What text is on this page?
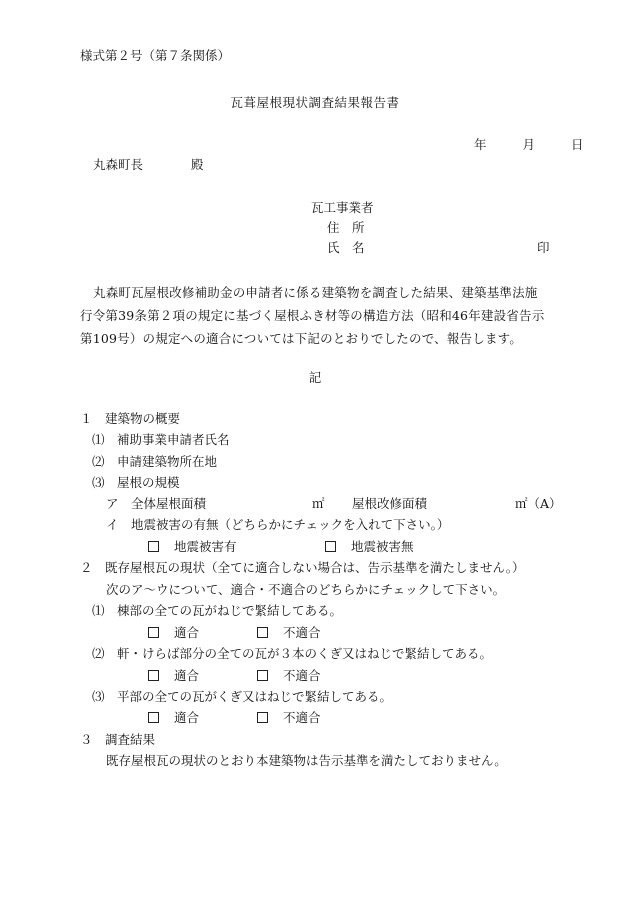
様式第２号（第７条関係）
瓦葺屋根現状調査結果報告書
年	月	日
丸森町長	殿
瓦工事業者
住　所
氏　名	印
丸森町瓦屋根改修補助金の申請者に係る建築物を調査した結果、建築基準法施行令第39条第２項の規定に基づく屋根ふき材等の構造方法（昭和46年建設省告示第109号）の規定への適合については下記のとおりでしたので、報告します。
記
１　建築物の概要
⑴　補助事業申請者氏名
⑵　申請建築物所在地
⑶　屋根の規模
ア　全体屋根面積	㎡ 屋根改修面積	㎡（A）
イ　地震被害の有無（どちらかにチェックを入れて下さい。）
地震被害有	地震被害無
２　既存屋根瓦の現状（全てに適合しない場合は、告示基準を満たしません。）
次のア～ウについて、適合・不適合のどちらかにチェックして下さい。
⑴　棟部の全ての瓦がねじで緊結してある。
適合	不適合
⑵　軒・けらば部分の全ての瓦が３本のくぎ又はねじで緊結してある。
適合	不適合
⑶　平部の全ての瓦がくぎ又はねじで緊結してある。
適合	不適合
３　調査結果
既存屋根瓦の現状のとおり本建築物は告示基準を満たしておりません。
